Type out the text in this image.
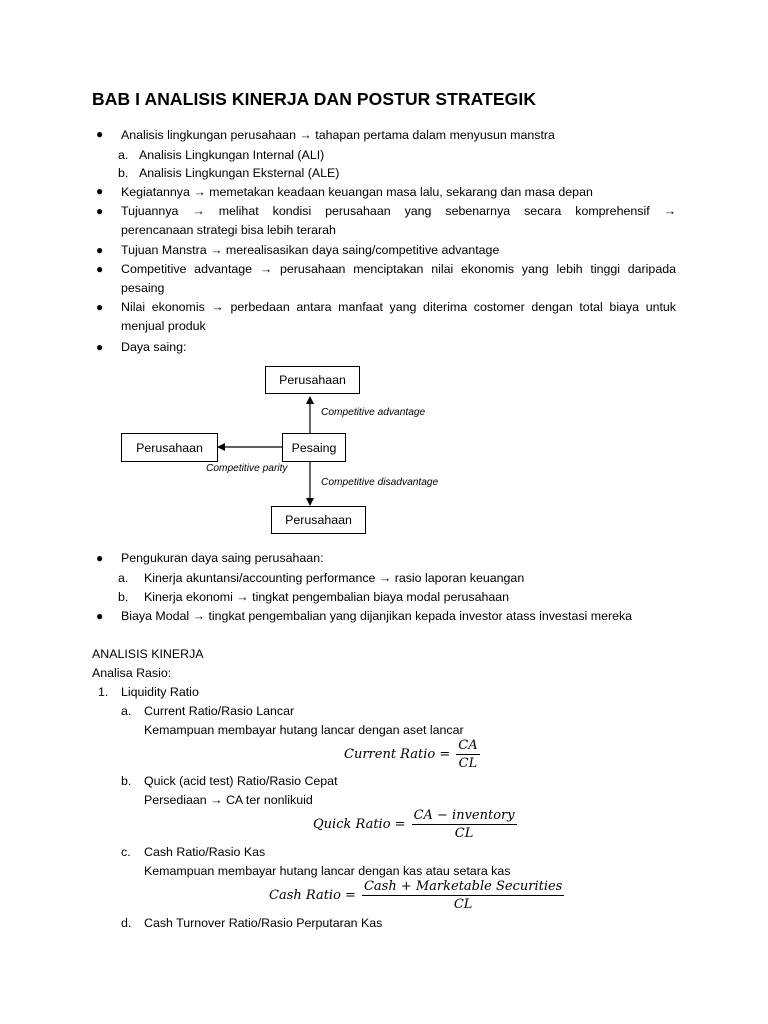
BAB I ANALISIS KINERJA DAN POSTUR STRATEGIK
● Analisis lingkungan perusahaan → tahapan pertama dalam menyusun manstra
a. Analisis Lingkungan Internal (ALI)
b. Analisis Lingkungan Eksternal (ALE)
● Kegiatannya → memetakan keadaan keuangan masa lalu, sekarang dan masa depan
● Tujuannya → melihat kondisi perusahaan yang sebenarnya secara komprehensif →
perencanaan strategi bisa lebih terarah
● Tujuan Manstra → merealisasikan daya saing/competitive advantage
● Competitive advantage → perusahaan menciptakan nilai ekonomis yang lebih tinggi daripada
pesaing
● Nilai ekonomis → perbedaan antara manfaat yang diterima costomer dengan total biaya untuk
menjual produk
● Daya saing:
Perusahaan
Perusahaan	Pesaing
Perusahaan
Competitive advantage
Competitive parity
Competitive disadvantage
● Pengukuran daya saing perusahaan:
a. Kinerja akuntansi/accounting performance → rasio laporan keuangan
b. Kinerja ekonomi → tingkat pengembalian biaya modal perusahaan
● Biaya Modal → tingkat pengembalian yang dijanjikan kepada investor atass investasi mereka
ANALISIS KINERJA
Analisa Rasio:
1. Liquidity Ratio
a. Current Ratio/Rasio Lancar
Kemampuan membayar hutang lancar dengan aset lancar
Current Ratio = $\frac{CA}{CL}$
b. Quick (acid test) Ratio/Rasio Cepat
Persediaan → CA ter nonlikuid
Quick Ratio = $\frac{\text{CA − inventory}}{CL}$
c. Cash Ratio/Rasio Kas
Kemampuan membayar hutang lancar dengan kas atau setara kas
Cash Ratio = $\frac{\text{Cash + Marketable Securities}}{CL}$
d. Cash Turnover Ratio/Rasio Perputaran Kas
